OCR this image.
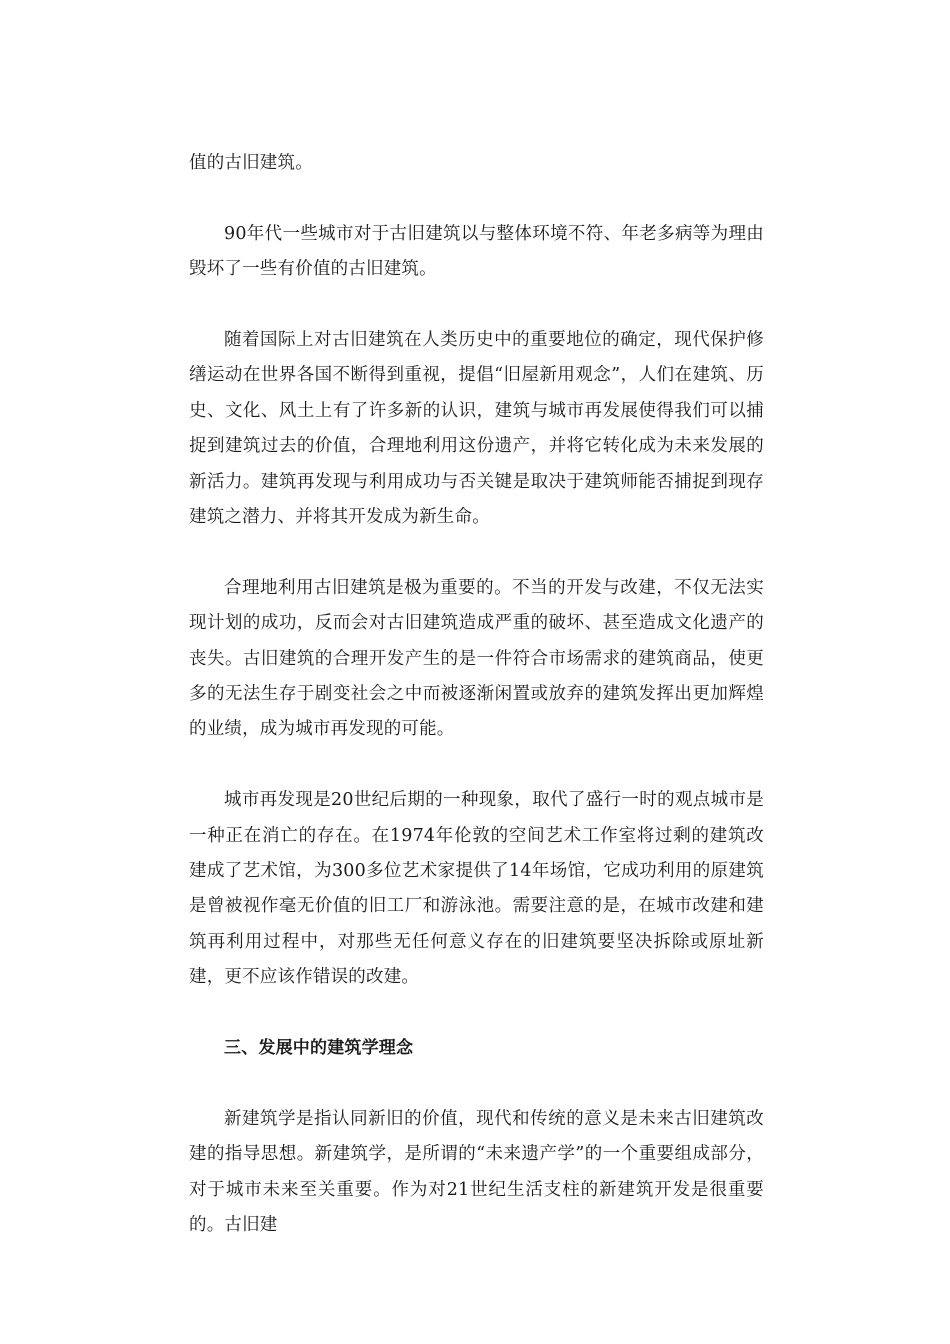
值的古旧建筑。

90年代一些城市对于古旧建筑以与整体环境不符、年老多病等为理由毁坏了一些有价值的古旧建筑。

随着国际上对古旧建筑在人类历史中的重要地位的确定，现代保护修缮运动在世界各国不断得到重视，提倡“旧屋新用观念”，人们在建筑、历史、文化、风土上有了许多新的认识，建筑与城市再发展使得我们可以捕捉到建筑过去的价值，合理地利用这份遗产，并将它转化成为未来发展的新活力。建筑再发现与利用成功与否关键是取决于建筑师能否捕捉到现存建筑之潜力、并将其开发成为新生命。

合理地利用古旧建筑是极为重要的。不当的开发与改建，不仅无法实现计划的成功，反而会对古旧建筑造成严重的破坏、甚至造成文化遗产的丧失。古旧建筑的合理开发产生的是一件符合市场需求的建筑商品，使更多的无法生存于剧变社会之中而被逐渐闲置或放弃的建筑发挥出更加辉煌的业绩，成为城市再发现的可能。

城市再发现是20世纪后期的一种现象，取代了盛行一时的观点城市是一种正在消亡的存在。在1974年伦敦的空间艺术工作室将过剩的建筑改建成了艺术馆，为300多位艺术家提供了14年场馆，它成功利用的原建筑是曾被视作毫无价值的旧工厂和游泳池。需要注意的是，在城市改建和建筑再利用过程中，对那些无任何意义存在的旧建筑要坚决拆除或原址新建，更不应该作错误的改建。

三、发展中的建筑学理念

新建筑学是指认同新旧的价值，现代和传统的意义是未来古旧建筑改建的指导思想。新建筑学，是所谓的“未来遗产学”的一个重要组成部分，对于城市未来至关重要。作为对21世纪生活支柱的新建筑开发是很重要的。古旧建
